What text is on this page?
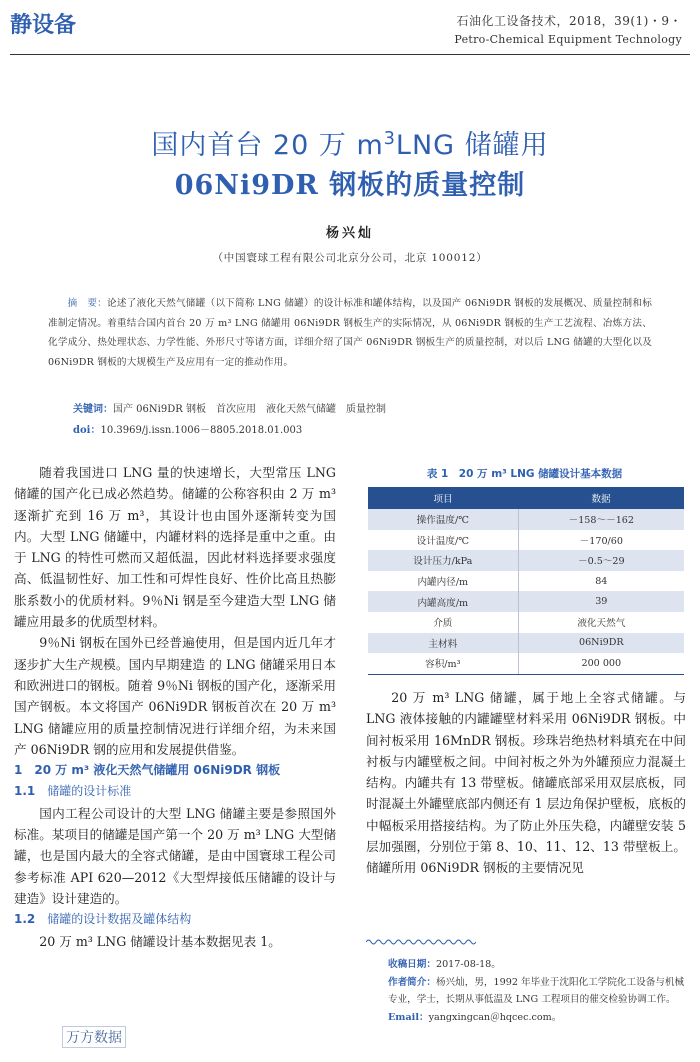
静设备	石油化工设备技术，2018，39(1)・9・
Petro-Chemical Equipment Technology
国内首台 20 万 $m^3LNG$ 储罐用
06Ni9DR 钢板的质量控制
杨兴灿
（中国寰球工程有限公司北京分公司，北京 100012）
  摘　要：论述了液化天然气储罐（以下简称 LNG 储罐）的设计标准和罐体结构，以及国产 06Ni9DR 钢板的发展概况、质量控制和标准制定情况。着重结合国内首台 20 万 m³ LNG 储罐用 06Ni9DR 钢板生产的实际情况，从 06Ni9DR 钢板的生产工艺流程、冶炼方法、化学成分、热处理状态、力学性能、外形尺寸等诸方面，详细介绍了国产 06Ni9DR 钢板生产的质量控制，对以后 LNG 储罐的大型化以及 06Ni9DR 钢板的大规模生产及应用有一定的推动作用。
关键词：国产 06Ni9DR 钢板　首次应用　液化天然气储罐　质量控制
doi：10.3969/j.issn.1006－8805.2018.01.003

随着我国进口 LNG 量的快速增长，大型常压 LNG 储罐的国产化已成必然趋势。储罐的公称容积由 2 万 m³ 逐渐扩充到 16 万 m³，其设计也由国外逐渐转变为国内。大型 LNG 储罐中，内罐材料的选择是重中之重。由于 LNG 的特性可燃而又超低温，因此材料选择要求强度高、低温韧性好、加工性和可焊性良好、性价比高且热膨胀系数小的优质材料。9％Ni 钢是至今建造大型 LNG 储罐应用最多的优质型材料。

9％Ni 钢板在国外已经普遍使用，但是国内近几年才逐步扩大生产规模。国内早期建造 的 LNG 储罐采用日本和欧洲进口的钢板。随着 9％Ni 钢板的国产化，逐渐采用国产钢板。本文将国产 06Ni9DR 钢板首次在 20 万 m³ LNG 储罐应用的质量控制情况进行详细介绍，为未来国产 06Ni9DR 钢的应用和发展提供借鉴。

1　20 万 m³ 液化天然气储罐用 06Ni9DR 钢板

1.1 储罐的设计标准

国内工程公司设计的大型 LNG 储罐主要是参照国外标准。某项目的储罐是国产第一个 20 万 m³ LNG 大型储罐，也是国内最大的全容式储罐，是由中国寰球工程公司参考标准 API 620—2012《大型焊接低压储罐的设计与建造》设计建造的。

1.2 储罐的设计数据及罐体结构

20 万 m³ LNG 储罐设计基本数据见表 1。

表 1　20 万 m³ LNG 储罐设计基本数据
项目	数据
操作温度/℃	－158～－162
设计温度/℃	－170/60
设计压力/kPa	－0.5～29
内罐内径/m	84
内罐高度/m	39
介质	液化天然气
主材料	06Ni9DR
容积/m³	200 000

20 万 m³ LNG 储罐，属于地上全容式储罐。与 LNG 液体接触的内罐罐壁材料采用 06Ni9DR 钢板。中间衬板采用 16MnDR 钢板。珍珠岩绝热材料填充在中间衬板与内罐壁板之间。中间衬板之外为外罐预应力混凝土结构。内罐共有 13 带壁板。储罐底部采用双层底板，同时混凝土外罐壁底部内侧还有 1 层边角保护壁板，底板的中幅板采用搭接结构。为了防止外压失稳，内罐壁安装 5 层加强圈，分别位于第 8、10、11、12、13 带壁板上。储罐所用 06Ni9DR 钢板的主要情况见

收稿日期：2017-08-18。
作者简介：杨兴灿，男，1992 年毕业于沈阳化工学院化工设备与机械专业，学士，长期从事低温及 LNG 工程项目的催交检验协调工作。
Email：yangxingcan＠hqcec.com。
万方数据
